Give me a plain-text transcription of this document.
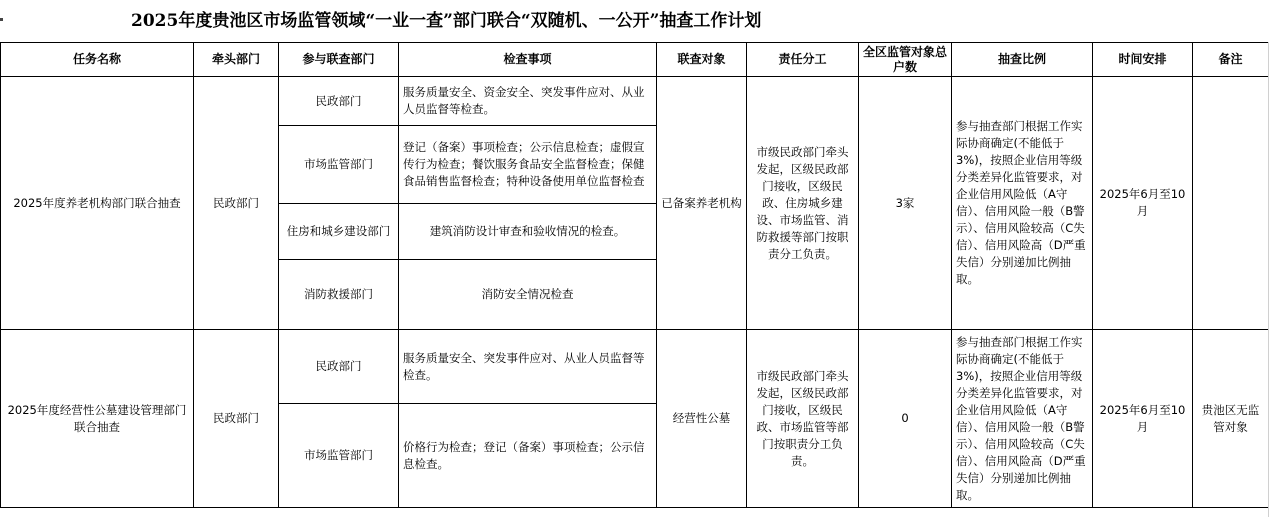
2025年度贵池区市场监管领域“一业一查”部门联合“双随机、一公开”抽查工作计划
任务名称	牵头部门	参与联查部门	检查事项	联查对象	责任分工	全区监管对象总户数	抽查比例	时间安排	备注
2025年度养老机构部门联合抽查	民政部门	民政部门	服务质量安全、资金安全、突发事件应对、从业人员监督等检查。	已备案养老机构	市级民政部门牵头发起，区级民政部门接收，区级民政、住房城乡建设、市场监管、消防救援等部门按职责分工负责。	3家	参与抽查部门根据工作实际协商确定(不能低于3%)，按照企业信用等级分类差异化监管要求，对企业信用风险低（A守信）、信用风险一般（B警示）、信用风险较高（C失信）、信用风险高（D严重失信）分别递加比例抽取。	2025年6月至10月	
		市场监管部门	登记（备案）事项检查；公示信息检查；虚假宣传行为检查；餐饮服务食品安全监督检查；保健食品销售监督检查；特种设备使用单位监督检查						
		住房和城乡建设部门	建筑消防设计审查和验收情况的检查。						
		消防救援部门	消防安全情况检查						
2025年度经营性公墓建设管理部门联合抽查	民政部门	民政部门	服务质量安全、突发事件应对、从业人员监督等检查。	经营性公墓	市级民政部门牵头发起，区级民政部门接收，区级民政、市场监管等部门按职责分工负责。	0	参与抽查部门根据工作实际协商确定(不能低于3%)，按照企业信用等级分类差异化监管要求，对企业信用风险低（A守信）、信用风险一般（B警示）、信用风险较高（C失信）、信用风险高（D严重失信）分别递加比例抽取。	2025年6月至10月	贵池区无监管对象
		市场监管部门	价格行为检查；登记（备案）事项检查；公示信息检查。						
